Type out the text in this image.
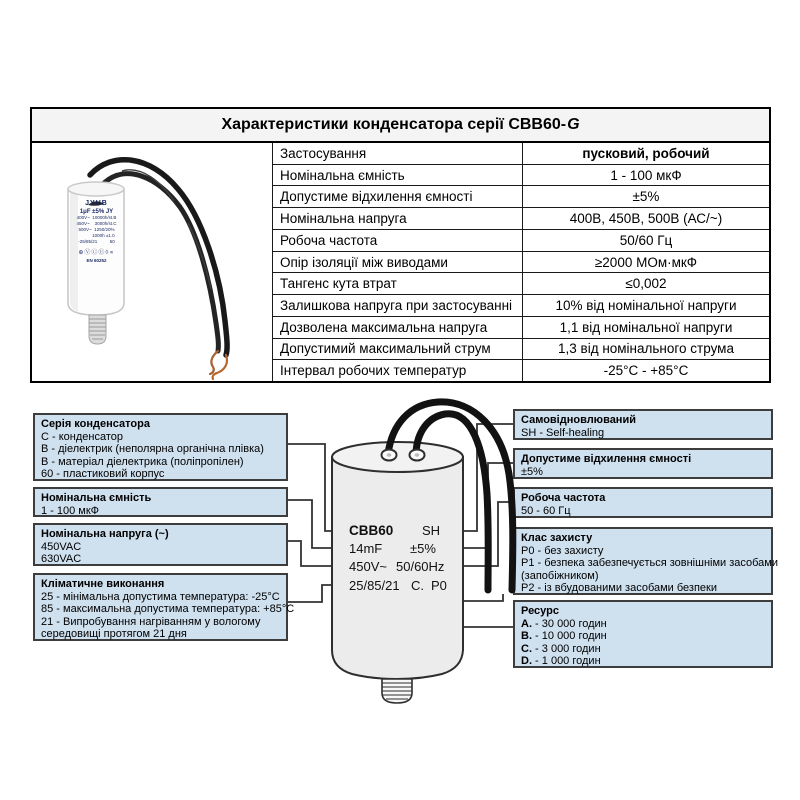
Характеристики конденсатора серії CBB60- G
JYUB
1μF ±5% JY
400V~  10000h/st.B
450V~    3000h/st.C
500V~  1250/20%
1000h ±1.0
-25/85/21          50
⊕ⓋⒸⒺ◊∝
EN 60252
Застосування	пусковий, робочий
Номінальна ємність	1 - 100 мкФ
Допустиме відхилення ємності	±5%
Номінальна напруга	400В, 450В, 500В (АС/~)
Робоча частота	50/60 Гц
Опір ізоляції між виводами	≥2000 МОм·мкФ
Тангенс кута втрат	≤0,002
Залишкова напруга при застосуванні	10% від номінальної напруги
Дозволена максимальна напруга	1,1 від номінальної напруги
Допустимий максимальний струм	1,3 від номінального струма
Інтервал робочих температур	-25°С - +85°С
Серія конденсатора
С - конденсатор
В - діелектрик (неполярна органічна плівка)
В - матеріал діелектрика (поліпропілен)
60 - пластиковий корпус
Номінальна ємність
1 - 100 мкФ
Номінальна напруга (~)
450VAC
630VAC
Кліматичне виконання
25 - мінімальна допустима температура: -25°С
85 - максимальна допустима температура: +85°С
21 - Випробування нагріванням у вологому
середовищі протягом 21 дня
Самовідновлюваний
SH - Self-healing
Допустиме відхилення ємності
±5%
Робоча частота
50 - 60 Гц
Клас захисту
P0 - без захисту
P1 - безпека забезпечується зовнішніми засобами
(запобіжником)
P2 - із вбудованими засобами безпеки
Ресурс
A. - 30 000 годин
B. - 10 000 годин
C. - 3 000 годин
D. - 1 000 годин
CBB60 SH
14mF ±5%
450V~ 50/60Hz
25/85/21 C. P0
